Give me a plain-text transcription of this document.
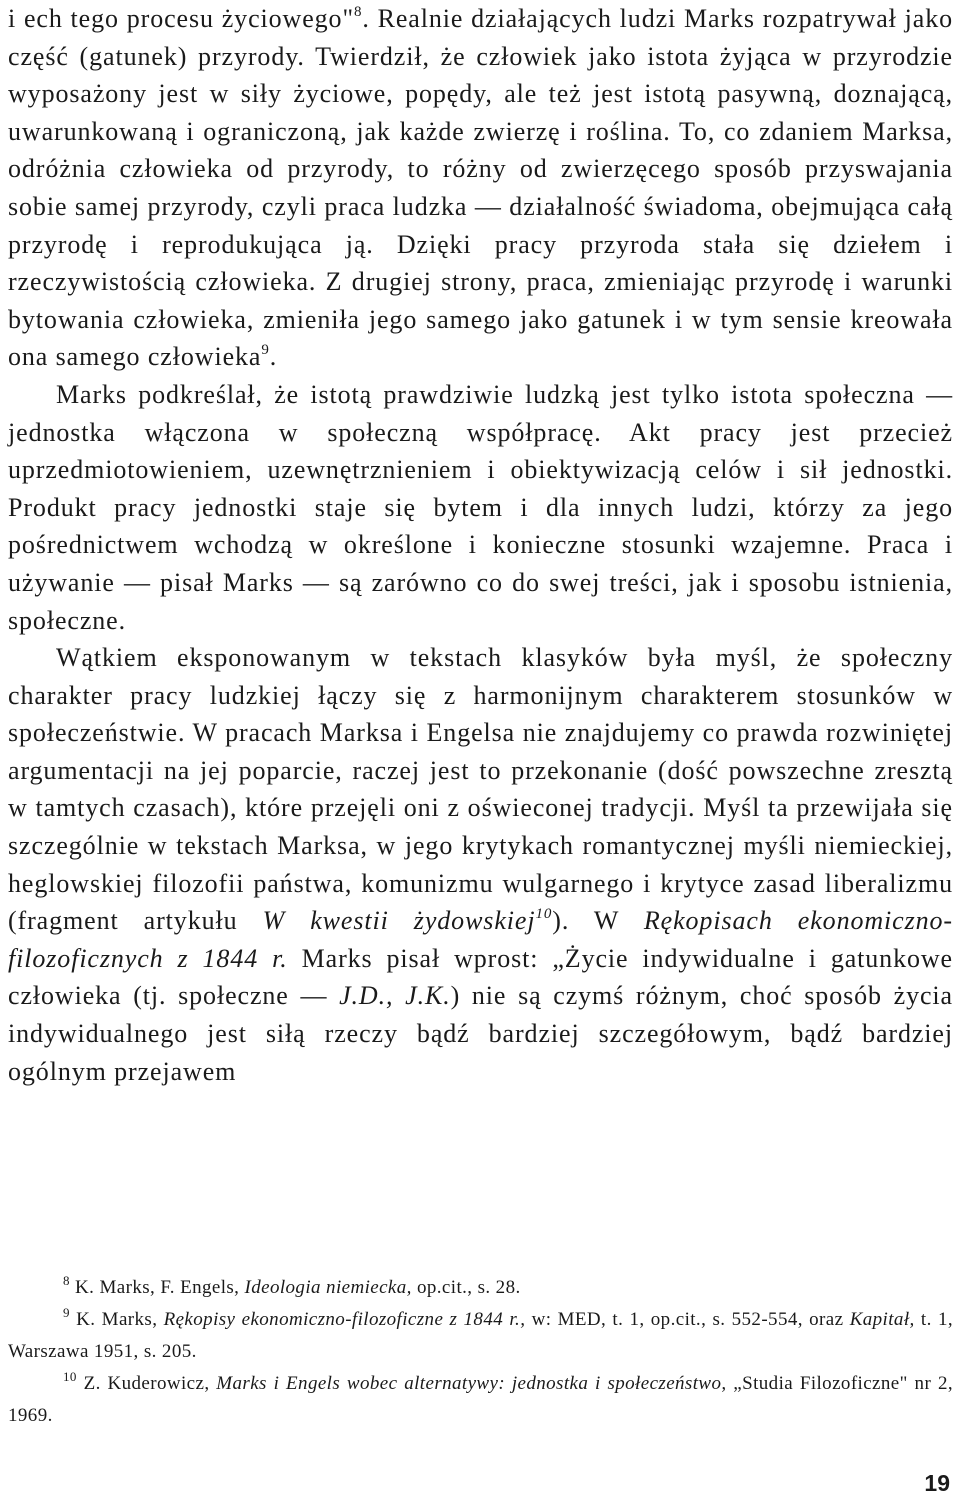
i ech tego procesu życiowego"$^8$. Realnie działających ludzi Marks rozpatrywał jako część (gatunek) przyrody. Twierdził, że człowiek jako istota żyjąca w przyrodzie wyposażony jest w siły życiowe, popędy, ale też jest istotą pasywną, doznającą, uwarunkowaną i ograniczoną, jak każde zwierzę i roślina. To, co zdaniem Marksa, odróżnia człowieka od przyrody, to różny od zwierzęcego sposób przyswajania sobie samej przyrody, czyli praca ludzka — działalność świadoma, obejmująca całą przyrodę i reprodukująca ją. Dzięki pracy przyroda stała się dziełem i rzeczywistością człowieka. Z drugiej strony, praca, zmieniając przyrodę i warunki bytowania człowieka, zmieniła jego samego jako gatunek i w tym sensie kreowała ona samego człowieka$^9$.

Marks podkreślał, że istotą prawdziwie ludzką jest tylko istota społeczna — jednostka włączona w społeczną współpracę. Akt pracy jest przecież uprzedmiotowieniem, uzewnętrznieniem i obiektywizacją celów i sił jednostki. Produkt pracy jednostki staje się bytem i dla innych ludzi, którzy za jego pośrednictwem wchodzą w określone i konieczne stosunki wzajemne. Praca i używanie — pisał Marks — są zarówno co do swej treści, jak i sposobu istnienia, społeczne.

Wątkiem eksponowanym w tekstach klasyków była myśl, że społeczny charakter pracy ludzkiej łączy się z harmonijnym charakterem stosunków w społeczeństwie. W pracach Marksa i Engelsa nie znajdujemy co prawda rozwiniętej argumentacji na jej poparcie, raczej jest to przekonanie (dość powszechne zresztą w tamtych czasach), które przejęli oni z oświeconej tradycji. Myśl ta przewijała się szczególnie w tekstach Marksa, w jego krytykach romantycznej myśli niemieckiej, heglowskiej filozofii państwa, komunizmu wulgarnego i krytyce zasad liberalizmu (fragment artykułu W kwestii żydowskiej$^{10}$). W Rękopisach ekonomiczno-filozoficznych z 1844 r. Marks pisał wprost: „Życie indywidualne i gatunkowe człowieka (tj. społeczne — J.D., J.K.) nie są czymś różnym, choć sposób życia indywidualnego jest siłą rzeczy bądź bardziej szczegółowym, bądź bardziej ogólnym przejawem

$^8$ K. Marks, F. Engels, Ideologia niemiecka, op.cit., s. 28.

$^9$ K. Marks, Rękopisy ekonomiczno-filozoficzne z 1844 r., w: MED, t. 1, op.cit., s. 552-554, oraz Kapitał, t. 1, Warszawa 1951, s. 205.

$^{10}$ Z. Kuderowicz, Marks i Engels wobec alternatywy: jednostka i społeczeństwo, „Studia Filozoficzne" nr 2, 1969.

19
